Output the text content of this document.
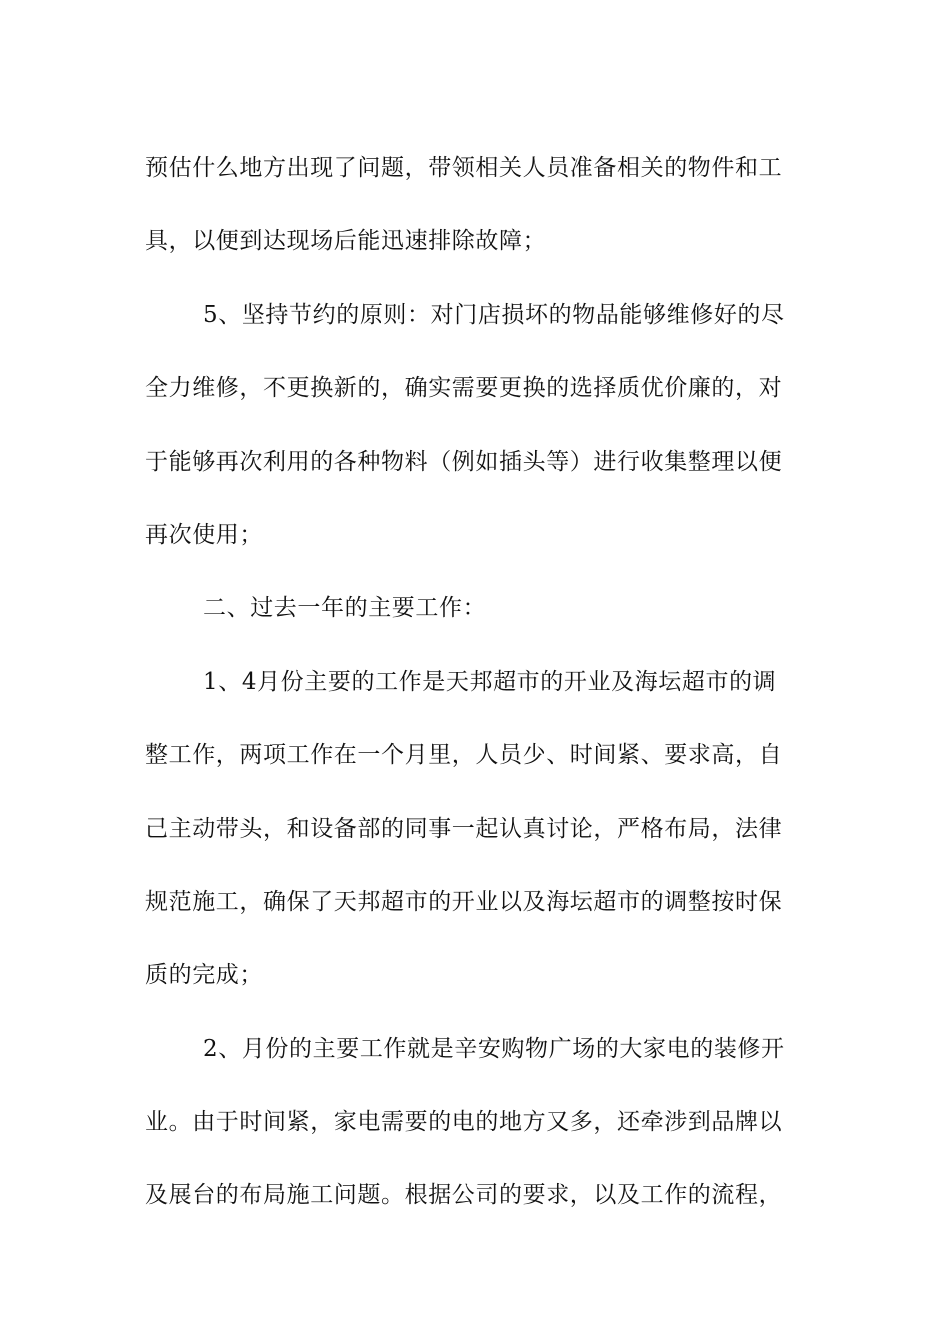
预估什么地方出现了问题，带领相关人员准备相关的物件和工
具，以便到达现场后能迅速排除故障；
5、坚持节约的原则：对门店损坏的物品能够维修好的尽
全力维修，不更换新的，确实需要更换的选择质优价廉的，对
于能够再次利用的各种物料（例如插头等）进行收集整理以便
再次使用；
二、过去一年的主要工作：
1、4月份主要的工作是天邦超市的开业及海坛超市的调
整工作，两项工作在一个月里，人员少、时间紧、要求高，自
己主动带头，和设备部的同事一起认真讨论，严格布局，法律
规范施工，确保了天邦超市的开业以及海坛超市的调整按时保
质的完成；
2、月份的主要工作就是辛安购物广场的大家电的装修开
业。由于时间紧，家电需要的电的地方又多，还牵涉到品牌以
及展台的布局施工问题。根据公司的要求，以及工作的流程，
